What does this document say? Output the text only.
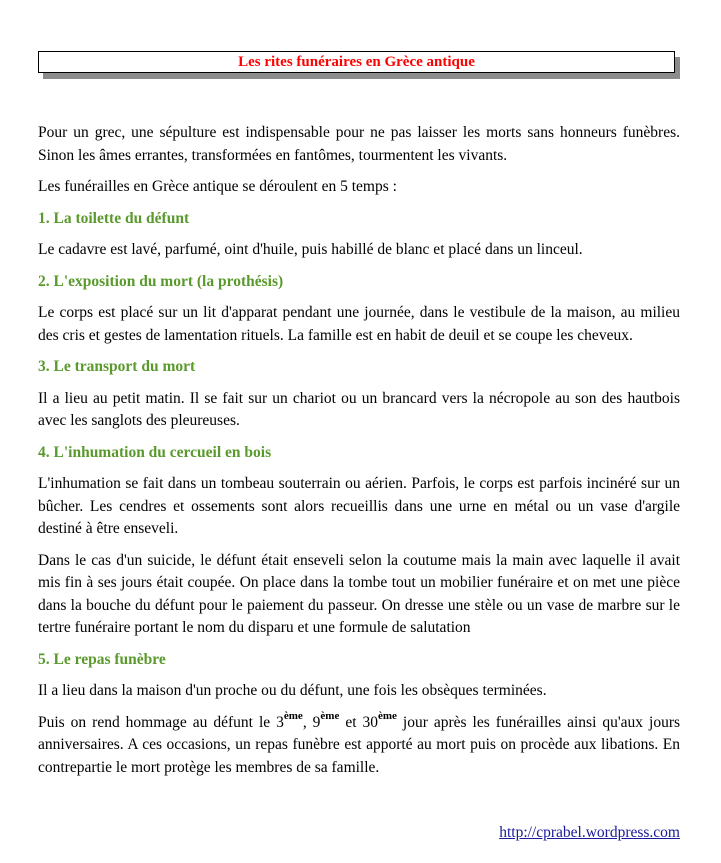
Les rites funéraires en Grèce antique

Pour un grec, une sépulture est indispensable pour ne pas laisser les morts sans honneurs funèbres. Sinon les âmes errantes, transformées en fantômes, tourmentent les vivants.

Les funérailles en Grèce antique se déroulent en 5 temps :

1. La toilette du défunt

Le cadavre est lavé, parfumé, oint d'huile, puis habillé de blanc et placé dans un linceul.

2. L'exposition du mort (la prothésis)

Le corps est placé sur un lit d'apparat pendant une journée, dans le vestibule de la maison, au milieu des cris et gestes de lamentation rituels. La famille est en habit de deuil et se coupe les cheveux.

3. Le transport du mort

Il a lieu au petit matin. Il se fait sur un chariot ou un brancard vers la nécropole au son des hautbois avec les sanglots des pleureuses.

4. L'inhumation du cercueil en bois

L'inhumation se fait dans un tombeau souterrain ou aérien. Parfois, le corps est parfois incinéré sur un bûcher. Les cendres et ossements sont alors recueillis dans une urne en métal ou un vase d'argile destiné à être enseveli.

Dans le cas d'un suicide, le défunt était enseveli selon la coutume mais la main avec laquelle il avait mis fin à ses jours était coupée. On place dans la tombe tout un mobilier funéraire et on met une pièce dans la bouche du défunt pour le paiement du passeur. On dresse une stèle ou un vase de marbre sur le tertre funéraire portant le nom du disparu et une formule de salutation

5. Le repas funèbre

Il a lieu dans la maison d'un proche ou du défunt, une fois les obsèques terminées.

Puis on rend hommage au défunt le 3ème, 9ème et 30ème jour après les funérailles ainsi qu'aux jours anniversaires. A ces occasions, un repas funèbre est apporté au mort puis on procède aux libations. En contrepartie le mort protège les membres de sa famille.

http://cprabel.wordpress.com
